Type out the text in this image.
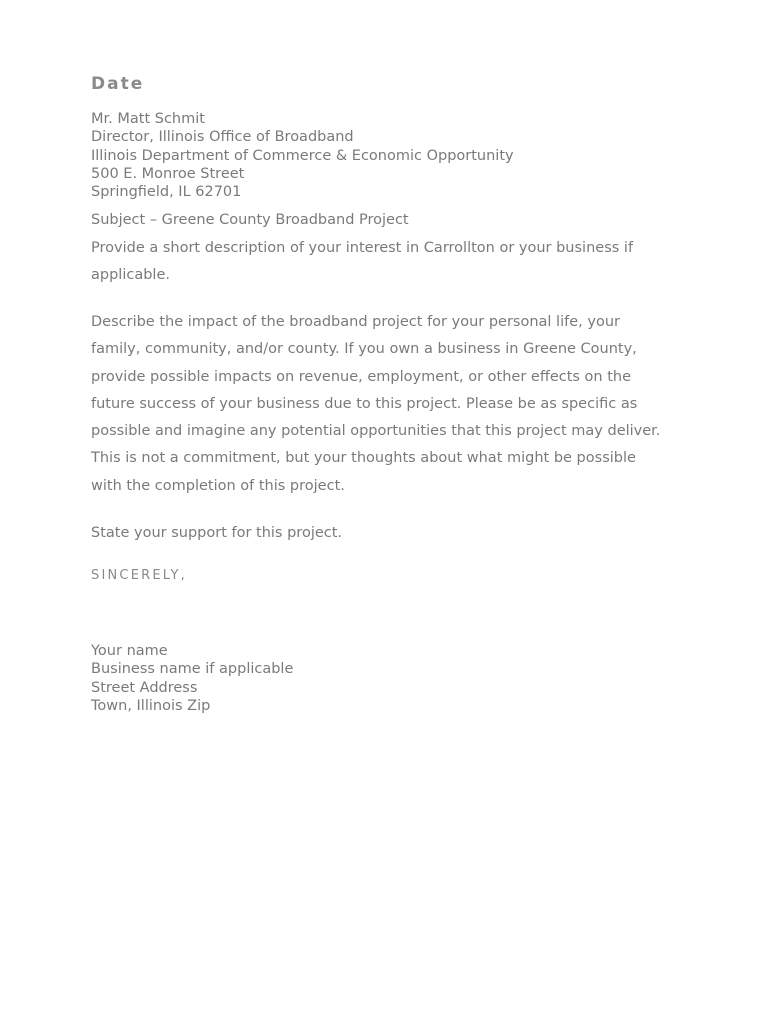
Date
Mr. Matt Schmit
Director, Illinois Office of Broadband
Illinois Department of Commerce & Economic Opportunity
500 E. Monroe Street
Springfield, IL 62701
Subject – Greene County Broadband Project
Provide a short description of your interest in Carrollton or your business if applicable.
Describe the impact of the broadband project for your personal life, your family, community, and/or county. If you own a business in Greene County, provide possible impacts on revenue, employment, or other effects on the future success of your business due to this project. Please be as specific as possible and imagine any potential opportunities that this project may deliver. This is not a commitment, but your thoughts about what might be possible with the completion of this project.
State your support for this project.
SINCERELY,
Your name
Business name if applicable
Street Address
Town, Illinois Zip
